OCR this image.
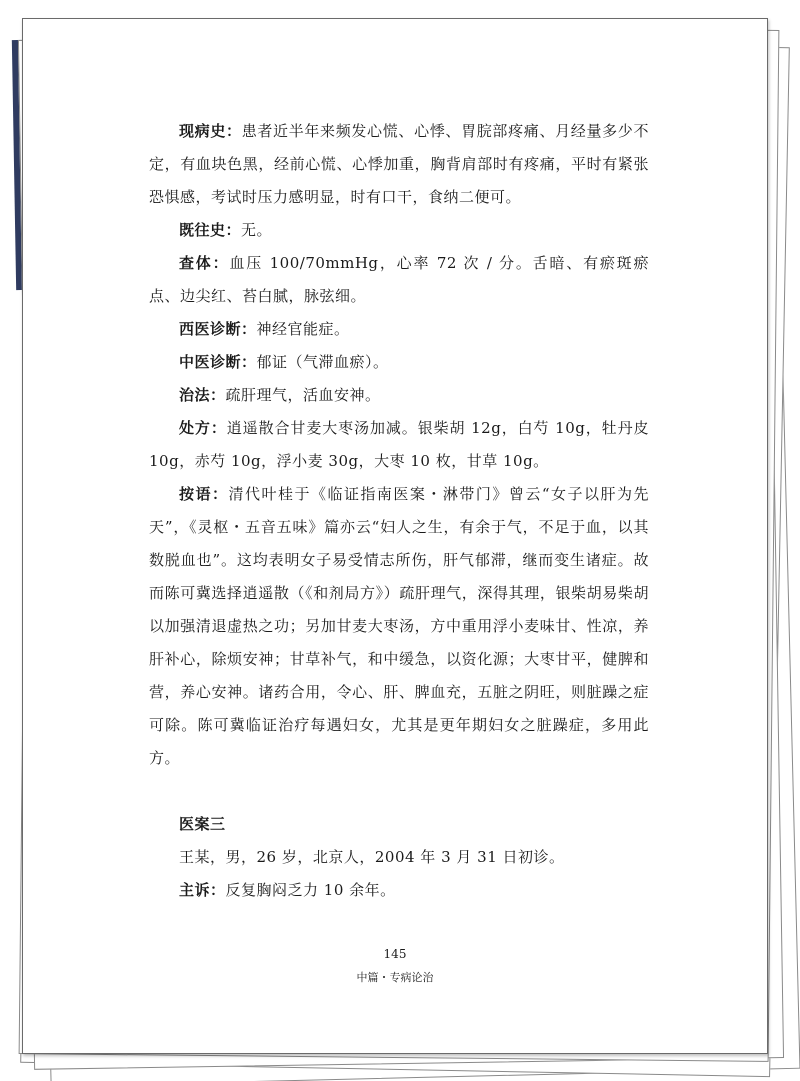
现病史：患者近半年来频发心慌、心悸、胃脘部疼痛、月经量多少不定，有血块色黑，经前心慌、心悸加重，胸背肩部时有疼痛，平时有紧张恐惧感，考试时压力感明显，时有口干，食纳二便可。

既往史：无。

查体：血压 100/70mmHg，心率 72 次 / 分。舌暗、有瘀斑瘀点、边尖红、苔白腻，脉弦细。

西医诊断：神经官能症。

中医诊断：郁证（气滞血瘀）。

治法：疏肝理气，活血安神。

处方：逍遥散合甘麦大枣汤加减。银柴胡 12g，白芍 10g，牡丹皮 10g，赤芍 10g，浮小麦 30g，大枣 10 枚，甘草 10g。

按语：清代叶桂于《临证指南医案・淋带门》曾云“女子以肝为先天”，《灵枢・五音五味》篇亦云“妇人之生，有余于气，不足于血，以其数脱血也”。这均表明女子易受情志所伤，肝气郁滞，继而变生诸症。故而陈可冀选择逍遥散（《和剂局方》）疏肝理气，深得其理，银柴胡易柴胡以加强清退虚热之功；另加甘麦大枣汤，方中重用浮小麦味甘、性凉，养肝补心，除烦安神；甘草补气，和中缓急，以资化源；大枣甘平，健脾和营，养心安神。诸药合用，令心、肝、脾血充，五脏之阴旺，则脏躁之症可除。陈可冀临证治疗每遇妇女，尤其是更年期妇女之脏躁症，多用此方。

医案三

王某，男，26 岁，北京人，2004 年 3 月 31 日初诊。

主诉：反复胸闷乏力 10 余年。

145
中篇・专病论治
